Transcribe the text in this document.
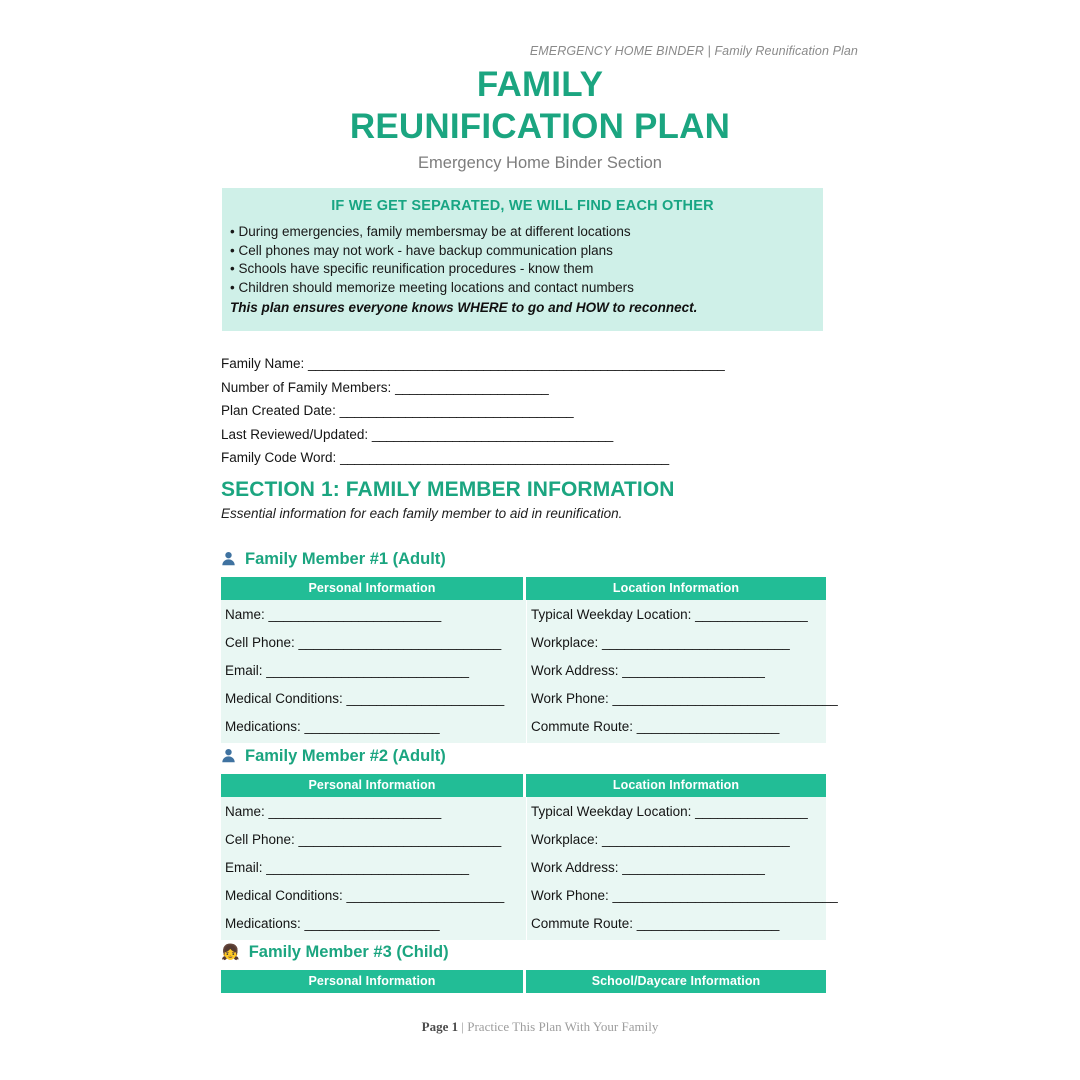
EMERGENCY HOME BINDER | Family Reunification Plan
FAMILY
REUNIFICATION PLAN
Emergency Home Binder Section
IF WE GET SEPARATED, WE WILL FIND EACH OTHER
• During emergencies, family membersmay be at different locations
• Cell phones may not work - have backup communication plans
• Schools have specific reunification procedures - know them
• Children should memorize meeting locations and contact numbers
This plan ensures everyone knows WHERE to go and HOW to reconnect.
Family Name: _________________________________________________________
Number of Family Members: _____________________
Plan Created Date: ________________________________
Last Reviewed/Updated: _________________________________
Family Code Word: _____________________________________________
SECTION 1: FAMILY MEMBER INFORMATION
Essential information for each family member to aid in reunification.
Family Member #1 (Adult)
Personal Information	Location Information
Name: _______________________	Typical Weekday Location: _______________
Cell Phone: ___________________________	Workplace: _________________________
Email: ___________________________	Work Address: ___________________
Medical Conditions: _____________________	Work Phone: ______________________________
Medications: __________________	Commute Route: ___________________
Family Member #2 (Adult)
Personal Information	Location Information
Name: _______________________	Typical Weekday Location: _______________
Cell Phone: ___________________________	Workplace: _________________________
Email: ___________________________	Work Address: ___________________
Medical Conditions: _____________________	Work Phone: ______________________________
Medications: __________________	Commute Route: ___________________
👧 Family Member #3 (Child)
Personal Information	School/Daycare Information
Page 1 | Practice This Plan With Your Family
